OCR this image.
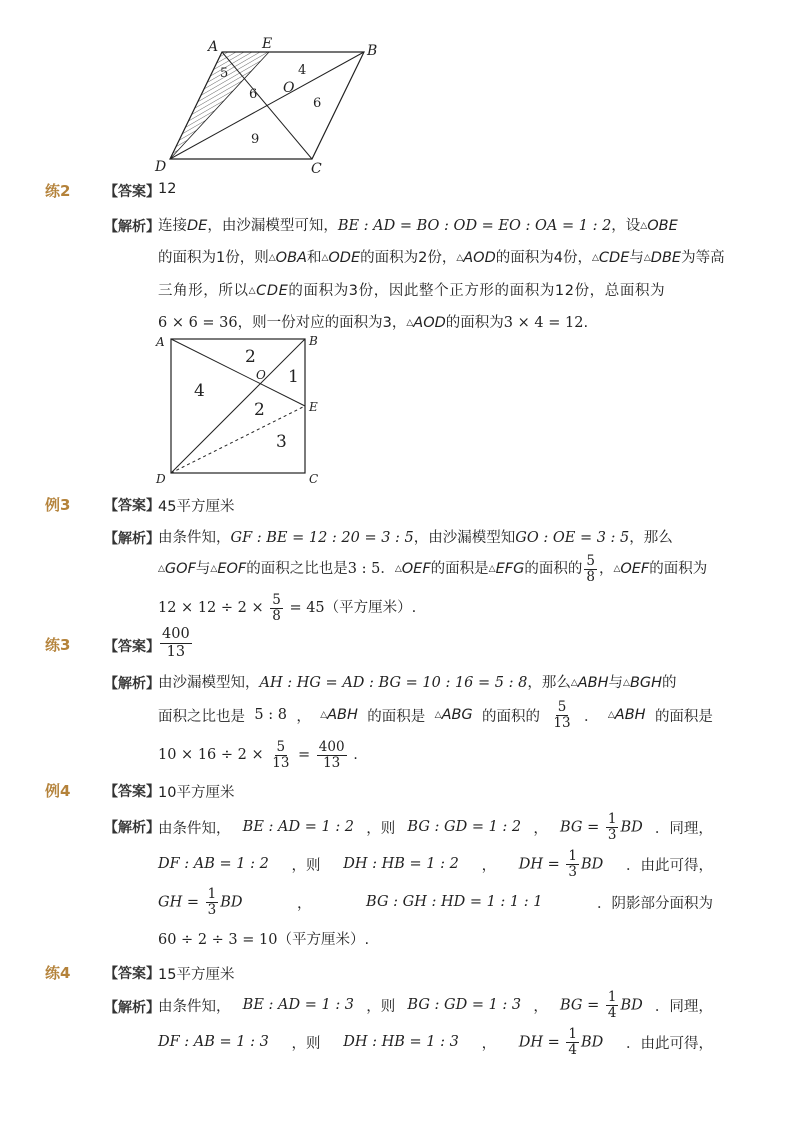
A	E	B
O
D	C
5	4
6
6
9
练2 【答案】
12
【解析】
连接DE，由沙漏模型可知，BE : AD = BO : OD = EO : OA = 1 : 2，设△OBE
的面积为1份，则△OBA和△ODE的面积为2份，△AOD的面积为4份，△CDE与△DBE为等高
三角形，所以△CDE的面积为3份，因此整个正方形的面积为12份，总面积为
6 × 6 = 36，则一份对应的面积为3，△AOD的面积为3 × 4 = 12.
A	B
O
E
D	C
2
1
4
2
3
例3 【答案】
45平方厘米
【解析】
由条件知，GF : BE = 12 : 20 = 3 : 5，由沙漏模型知GO : OE = 3 : 5，那么
△GOF与△EOF的面积之比也是3 : 5．△OEF的面积是△EFG的面积的 $\frac{5}{8}$ ，△OEF的面积为
$12 \times 12 \div 2 \times \frac{5}{8} = 45$（平方厘米）.
练3 【答案】 $\frac{400}{13}$
【解析】
由沙漏模型知，AH : HG = AD : BG = 10 : 16 = 5 : 8，那么△ABH与△BGH的
面积之比也是 5 : 8 ， △ABH 的面积是 △ABG 的面积的 $\frac{5}{13}$ ． △ABH 的面积是
$10 \times 16 \div 2 \times \frac{5}{13} = \frac{400}{13}$ .
例4 【答案】
10平方厘米
【解析】
由条件知， BE : AD = 1 : 2 ，则 BG : GD = 1 : 2 ， BG = $\frac{1}{3}$ BD ．同理，
DF : AB = 1 : 2 ，则 DH : HB = 1 : 2 ， DH = $\frac{1}{3}$ BD ．由此可得，
GH = $\frac{1}{3}$ BD	，	BG : GH : HD = 1 : 1 : 1	．阴影部分面积为
60 ÷ 2 ÷ 3 = 10（平方厘米）.
练4 【答案】
15平方厘米
【解析】
由条件知， BE : AD = 1 : 3 ，则 BG : GD = 1 : 3 ， BG = $\frac{1}{4}$ BD ．同理，
DF : AB = 1 : 3 ，则 DH : HB = 1 : 3 ， DH = $\frac{1}{4}$ BD ．由此可得，
